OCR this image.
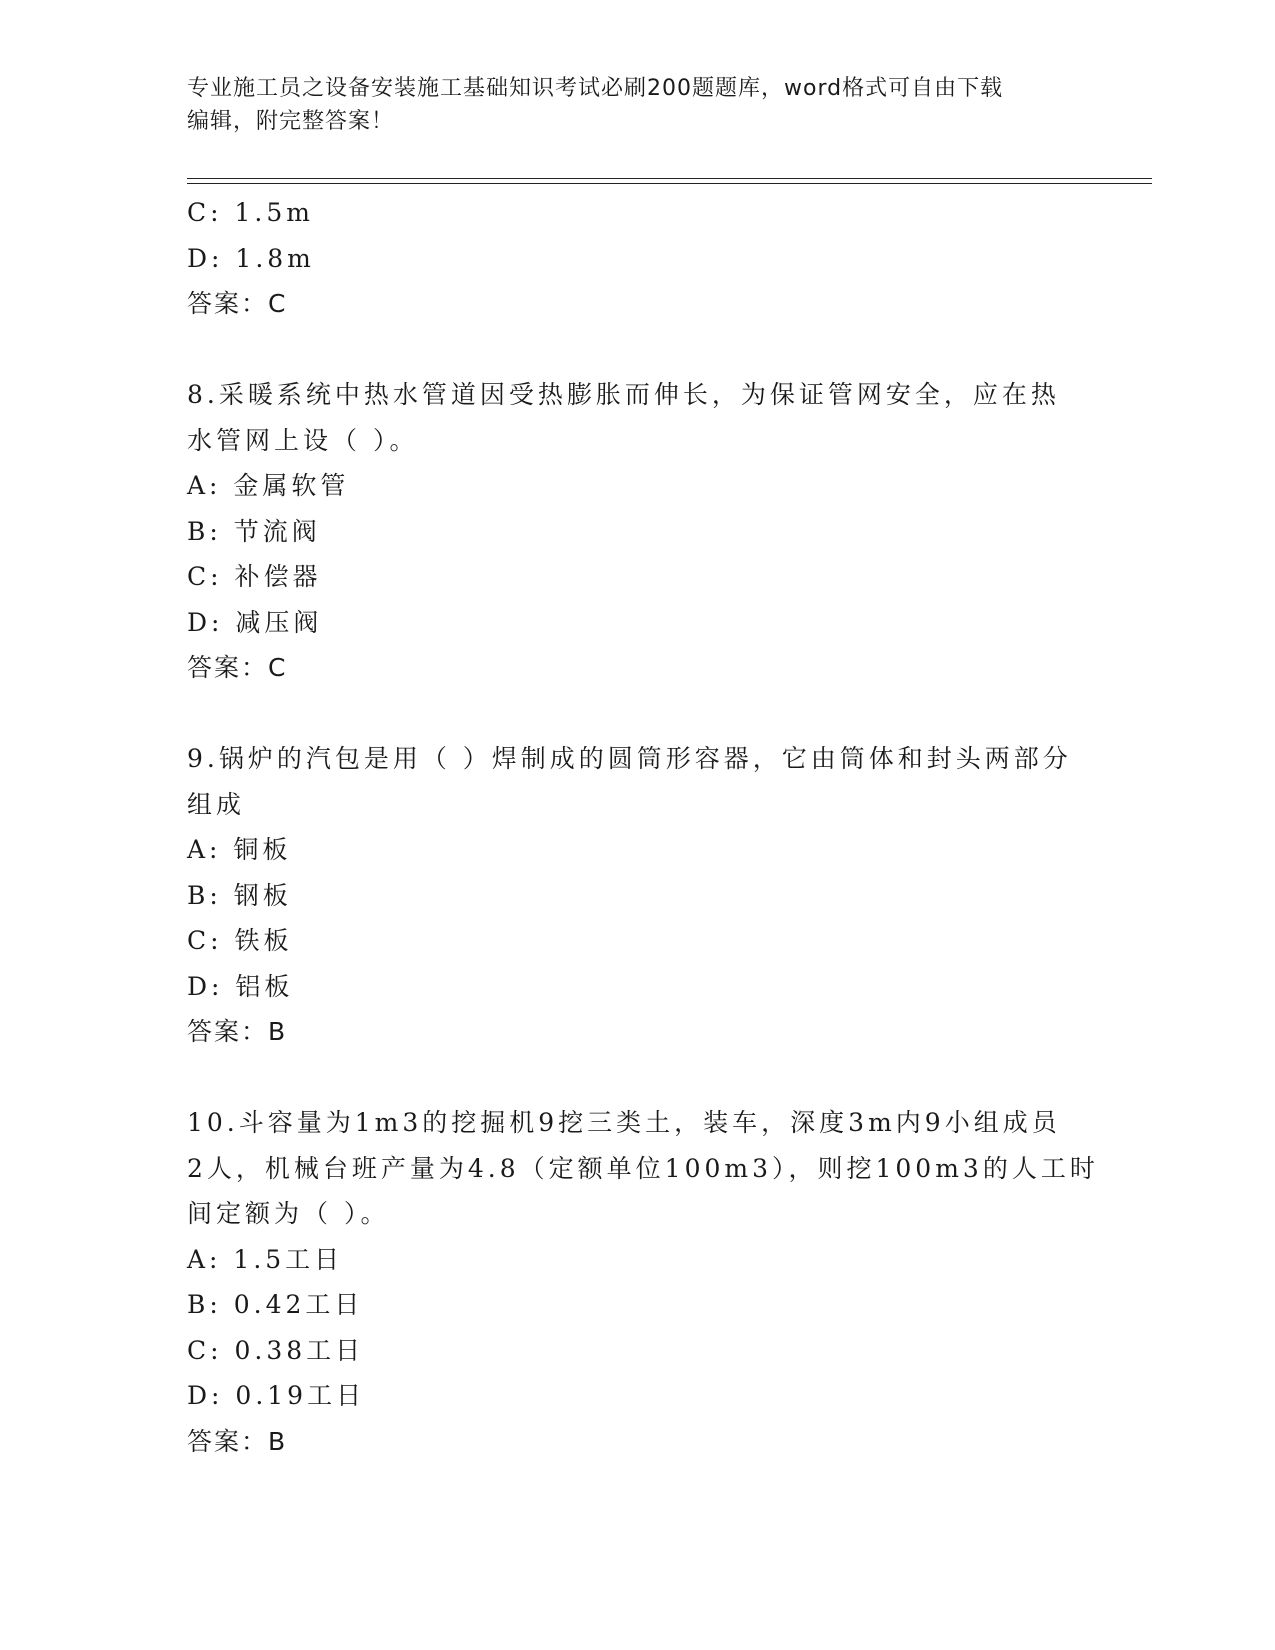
专业施工员之设备安装施工基础知识考试必刷200题题库，word格式可自由下载
编辑，附完整答案！
C: 1.5m
D: 1.8m
答案：C
8.采暖系统中热水管道因受热膨胀而伸长，为保证管网安全，应在热
水管网上设（ ）。
A: 金属软管
B: 节流阀
C: 补偿器
D: 减压阀
答案：C
9.锅炉的汽包是用（ ）焊制成的圆筒形容器，它由筒体和封头两部分
组成
A: 铜板
B: 钢板
C: 铁板
D: 铝板
答案：B
10.斗容量为1m3的挖掘机9挖三类土，装车，深度3m内9小组成员
2人，机械台班产量为4.8（定额单位100m3），则挖100m3的人工时
间定额为（ ）。
A: 1.5工日
B: 0.42工日
C: 0.38工日
D: 0.19工日
答案：B
